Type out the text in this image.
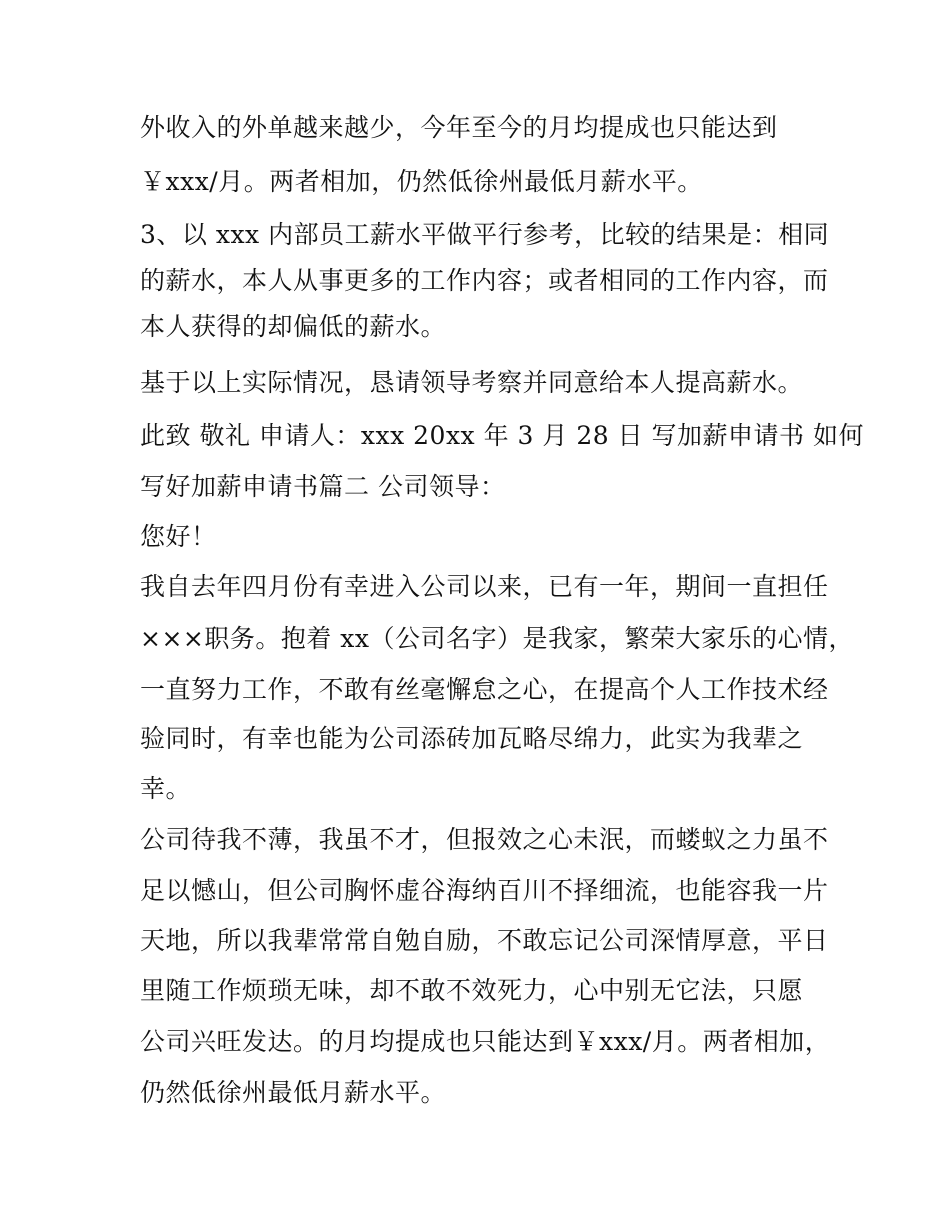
外收入的外单越来越少，今年至今的月均提成也只能达到
￥xxx/月。两者相加，仍然低徐州最低月薪水平。
3、以 xxx 内部员工薪水平做平行参考，比较的结果是：相同
的薪水，本人从事更多的工作内容；或者相同的工作内容，而
本人获得的却偏低的薪水。
基于以上实际情况，恳请领导考察并同意给本人提高薪水。
此致 敬礼 申请人：xxx 20xx 年 3 月 28 日 写加薪申请书 如何
写好加薪申请书篇二 公司领导：
您好！
我自去年四月份有幸进入公司以来，已有一年，期间一直担任
×××职务。抱着 xx（公司名字）是我家，繁荣大家乐的心情，
一直努力工作，不敢有丝毫懈怠之心，在提高个人工作技术经
验同时，有幸也能为公司添砖加瓦略尽绵力，此实为我辈之
幸。
公司待我不薄，我虽不才，但报效之心未泯，而蝼蚁之力虽不
足以憾山，但公司胸怀虚谷海纳百川不择细流，也能容我一片
天地，所以我辈常常自勉自励，不敢忘记公司深情厚意，平日
里随工作烦琐无味，却不敢不效死力，心中别无它法，只愿
公司兴旺发达。的月均提成也只能达到￥xxx/月。两者相加，
仍然低徐州最低月薪水平。
